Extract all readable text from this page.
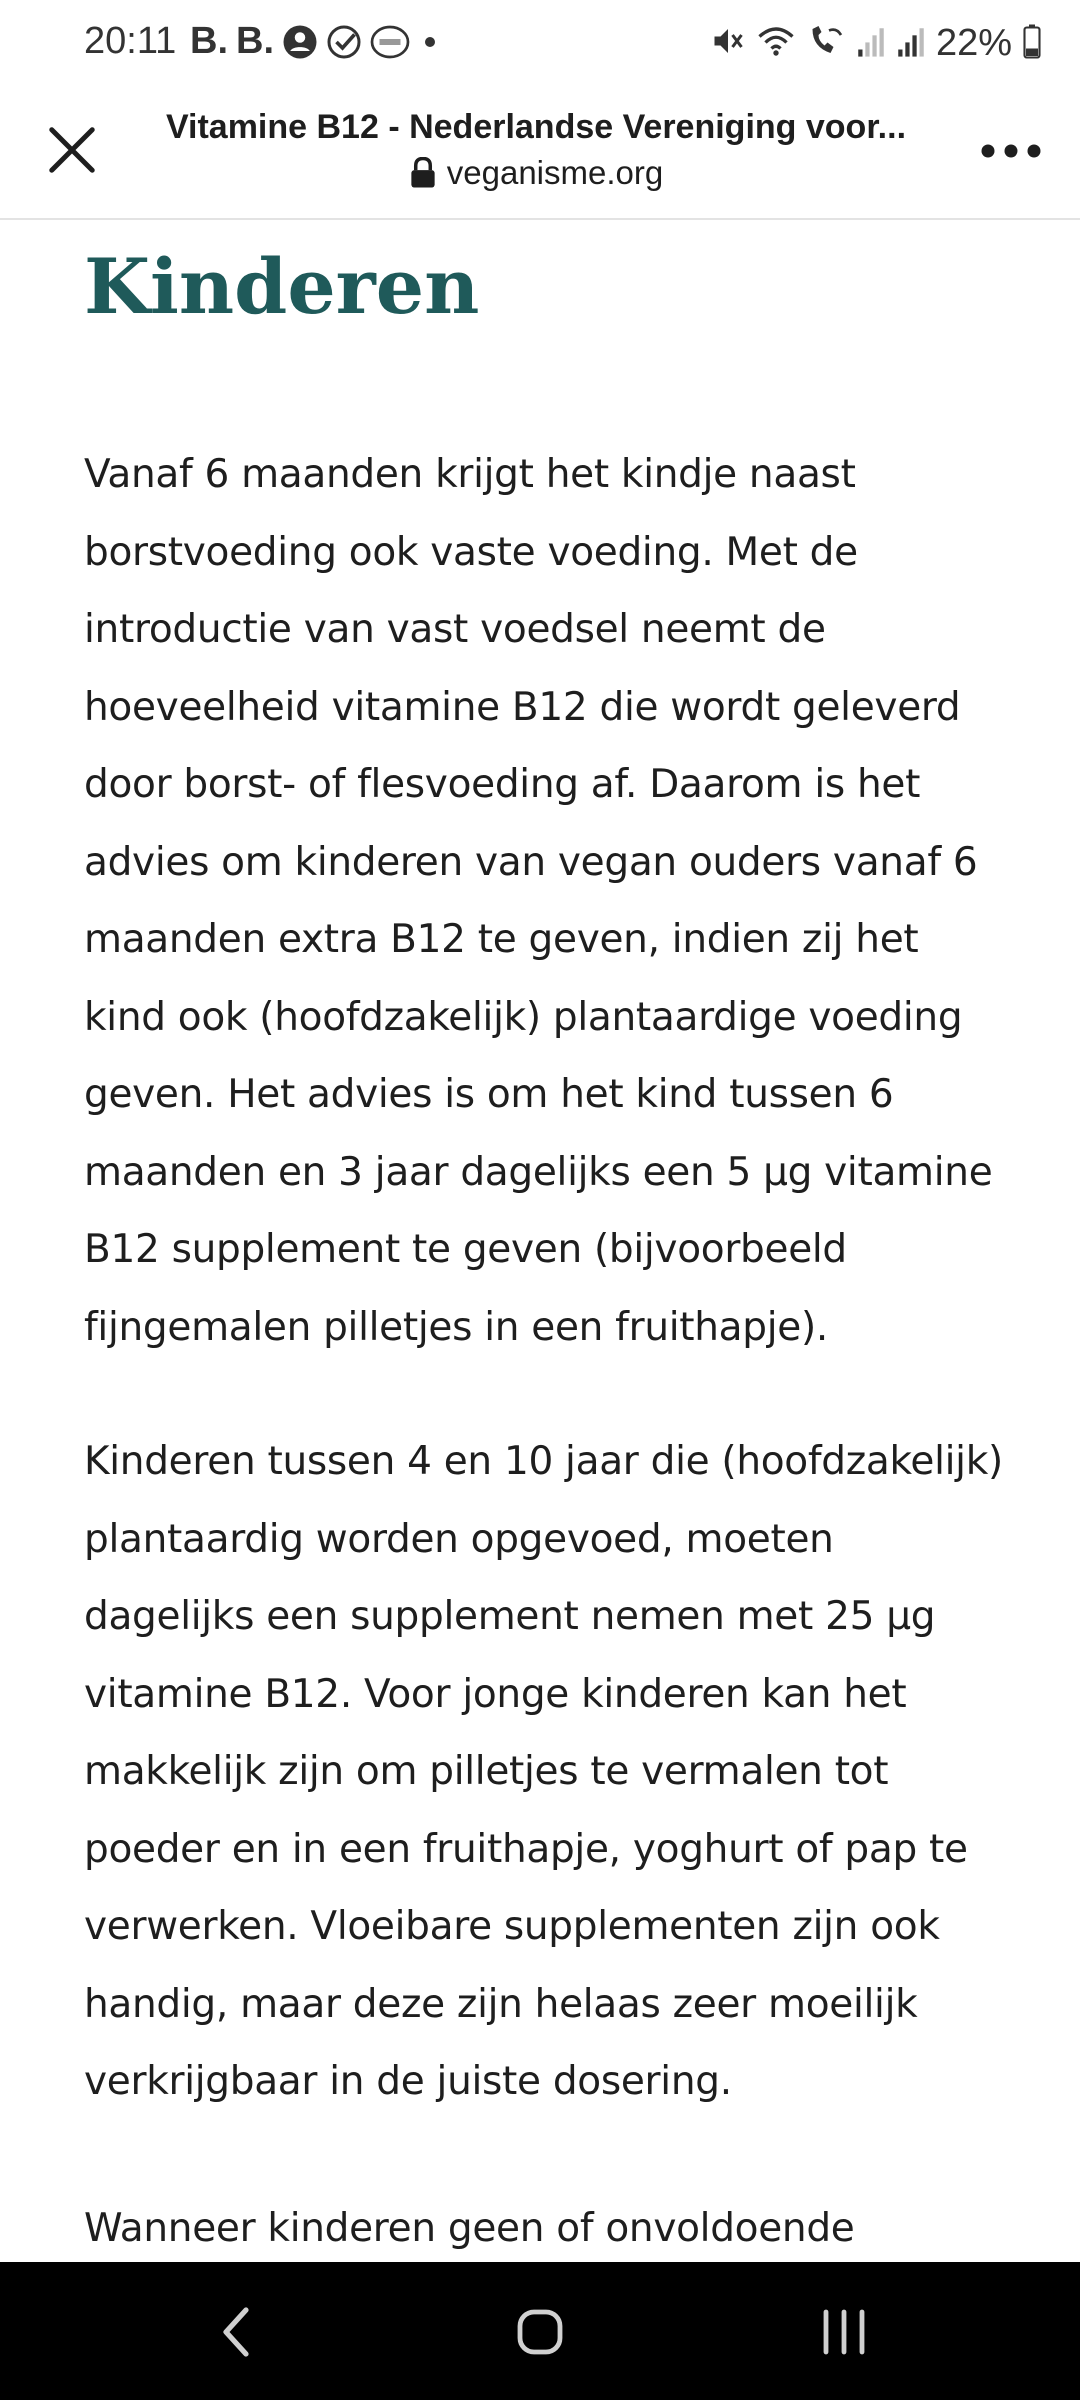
20:11 B. B.	22%
Vitamine B12 - Nederlandse Vereniging voor...
veganisme.org
Kinderen

Vanaf 6 maanden krijgt het kindje naast borstvoeding ook vaste voeding. Met de introductie van vast voedsel neemt de hoeveelheid vitamine B12 die wordt geleverd door borst- of flesvoeding af. Daarom is het advies om kinderen van vegan ouders vanaf 6 maanden extra B12 te geven, indien zij het kind ook (hoofdzakelijk) plantaardige voeding geven. Het advies is om het kind tussen 6 maanden en 3 jaar dagelijks een 5 µg vitamine B12 supplement te geven (bijvoorbeeld fijngemalen pilletjes in een fruithapje).

Kinderen tussen 4 en 10 jaar die (hoofdzakelijk) plantaardig worden opgevoed, moeten dagelijks een supplement nemen met 25 µg vitamine B12. Voor jonge kinderen kan het makkelijk zijn om pilletjes te vermalen tot poeder en in een fruithapje, yoghurt of pap te verwerken. Vloeibare supplementen zijn ook handig, maar deze zijn helaas zeer moeilijk verkrijgbaar in de juiste dosering.

Wanneer kinderen geen of onvoldoende
